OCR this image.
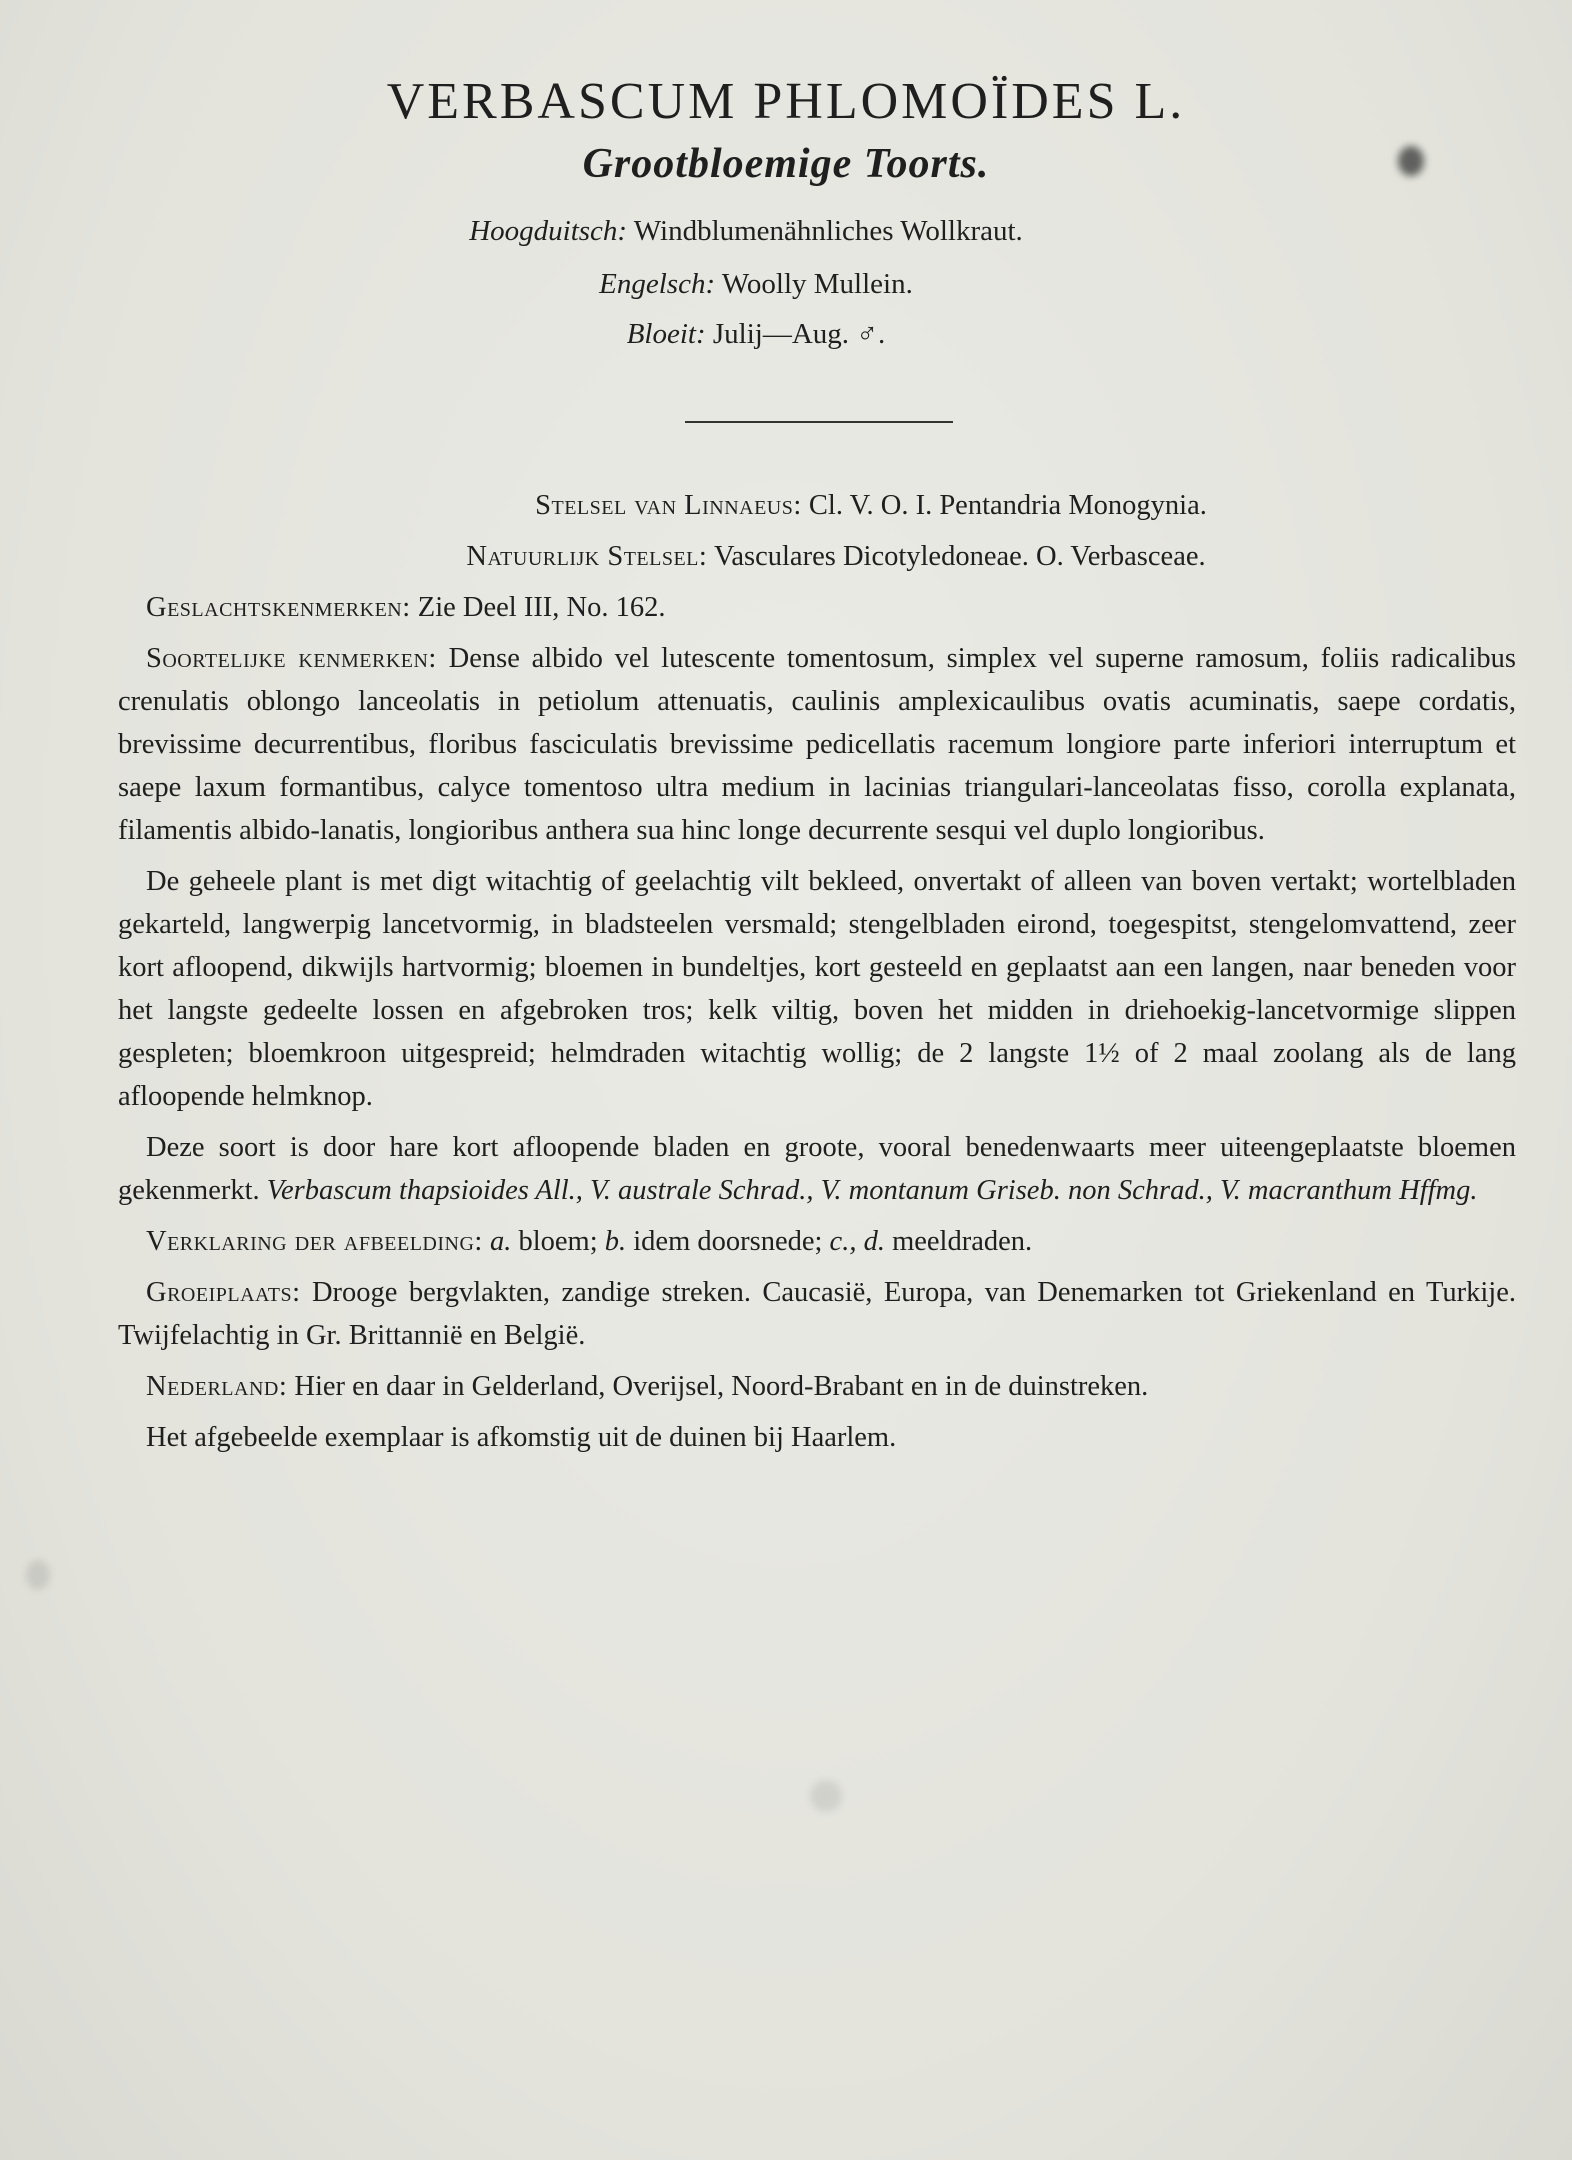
VERBASCUM PHLOMOÏDES L.
Grootbloemige Toorts.
Hoogduitsch: Windblumenähnliches Wollkraut.
Engelsch: Woolly Mullein.
Bloeit: Julij—Aug. ♂.

Stelsel van Linnaeus: Cl. V. O. I. Pentandria Monogynia.

Natuurlijk Stelsel: Vasculares Dicotyledoneae. O. Verbasceae.

Geslachtskenmerken: Zie Deel III, No. 162.

Soortelijke kenmerken: Dense albido vel lutescente tomentosum, simplex vel superne ramosum, foliis radicalibus crenulatis oblongo lanceolatis in petiolum attenuatis, caulinis amplexicaulibus ovatis acuminatis, saepe cordatis, brevissime decurrentibus, floribus fasciculatis brevissime pedicellatis racemum longiore parte inferiori interruptum et saepe laxum formantibus, calyce tomentoso ultra medium in lacinias triangulari-lanceolatas fisso, corolla explanata, filamentis albido-lanatis, longioribus anthera sua hinc longe decurrente sesqui vel duplo longioribus.

De geheele plant is met digt witachtig of geelachtig vilt bekleed, onvertakt of alleen van boven vertakt; wortelbladen gekarteld, langwerpig lancetvormig, in bladsteelen versmald; stengelbladen eirond, toegespitst, stengelomvattend, zeer kort afloopend, dikwijls hartvormig; bloemen in bundeltjes, kort gesteeld en geplaatst aan een langen, naar beneden voor het langste gedeelte lossen en afgebroken tros; kelk viltig, boven het midden in driehoekig-lancetvormige slippen gespleten; bloemkroon uitgespreid; helmdraden witachtig wollig; de 2 langste 1½ of 2 maal zoolang als de lang afloopende helmknop.

Deze soort is door hare kort afloopende bladen en groote, vooral benedenwaarts meer uiteengeplaatste bloemen gekenmerkt. Verbascum thapsioides All., V. australe Schrad., V. montanum Griseb. non Schrad., V. macranthum Hffmg.

Verklaring der afbeelding: a. bloem; b. idem doorsnede; c., d. meeldraden.

Groeiplaats: Drooge bergvlakten, zandige streken. Caucasië, Europa, van Denemarken tot Griekenland en Turkije. Twijfelachtig in Gr. Brittannië en België.

Nederland: Hier en daar in Gelderland, Overijsel, Noord-Brabant en in de duinstreken.

Het afgebeelde exemplaar is afkomstig uit de duinen bij Haarlem.
